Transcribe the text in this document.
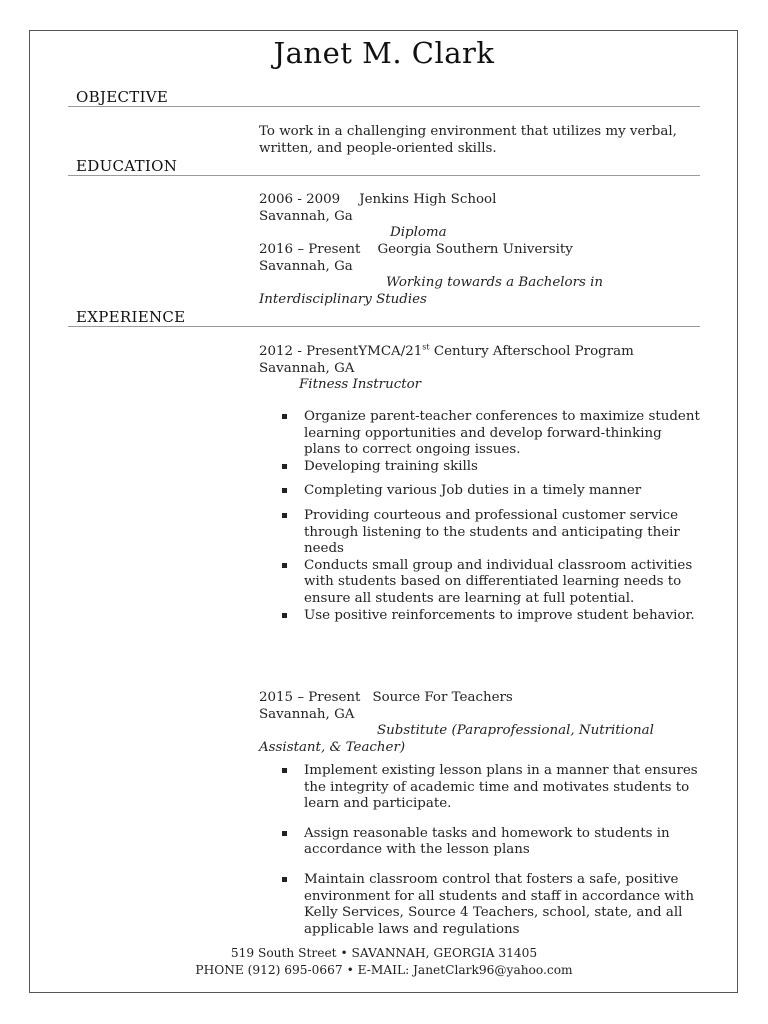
Janet M. Clark
OBJECTIVE
To work in a challenging environment that utilizes my verbal,
written, and people-oriented skills.
EDUCATION
2006 - 2009 Jenkins High School
Savannah, Ga
Diploma
2016 – Present Georgia Southern University
Savannah, Ga
Working towards a Bachelors in
Interdisciplinary Studies
EXPERIENCE
2012 - PresentYMCA/21st Century Afterschool Program
Savannah, GA
Fitness Instructor
Organize parent-teacher conferences to maximize student learning opportunities and develop forward-thinking plans to correct ongoing issues.
Developing training skills
Completing various Job duties in a timely manner
Providing courteous and professional customer service through listening to the students and anticipating their needs
Conducts small group and individual classroom activities with students based on differentiated learning needs to ensure all students are learning at full potential.
Use positive reinforcements to improve student behavior.
2015 – Present Source For Teachers
Savannah, GA
Substitute (Paraprofessional, Nutritional
Assistant, & Teacher)
Implement existing lesson plans in a manner that ensures the integrity of academic time and motivates students to learn and participate.
Assign reasonable tasks and homework to students in accordance with the lesson plans
Maintain classroom control that fosters a safe, positive environment for all students and staff in accordance with Kelly Services, Source 4 Teachers, school, state, and all applicable laws and regulations
519 South Street • SAVANNAH, GEORGIA 31405
PHONE (912) 695-0667 • E-MAIL: JanetClark96@yahoo.com
